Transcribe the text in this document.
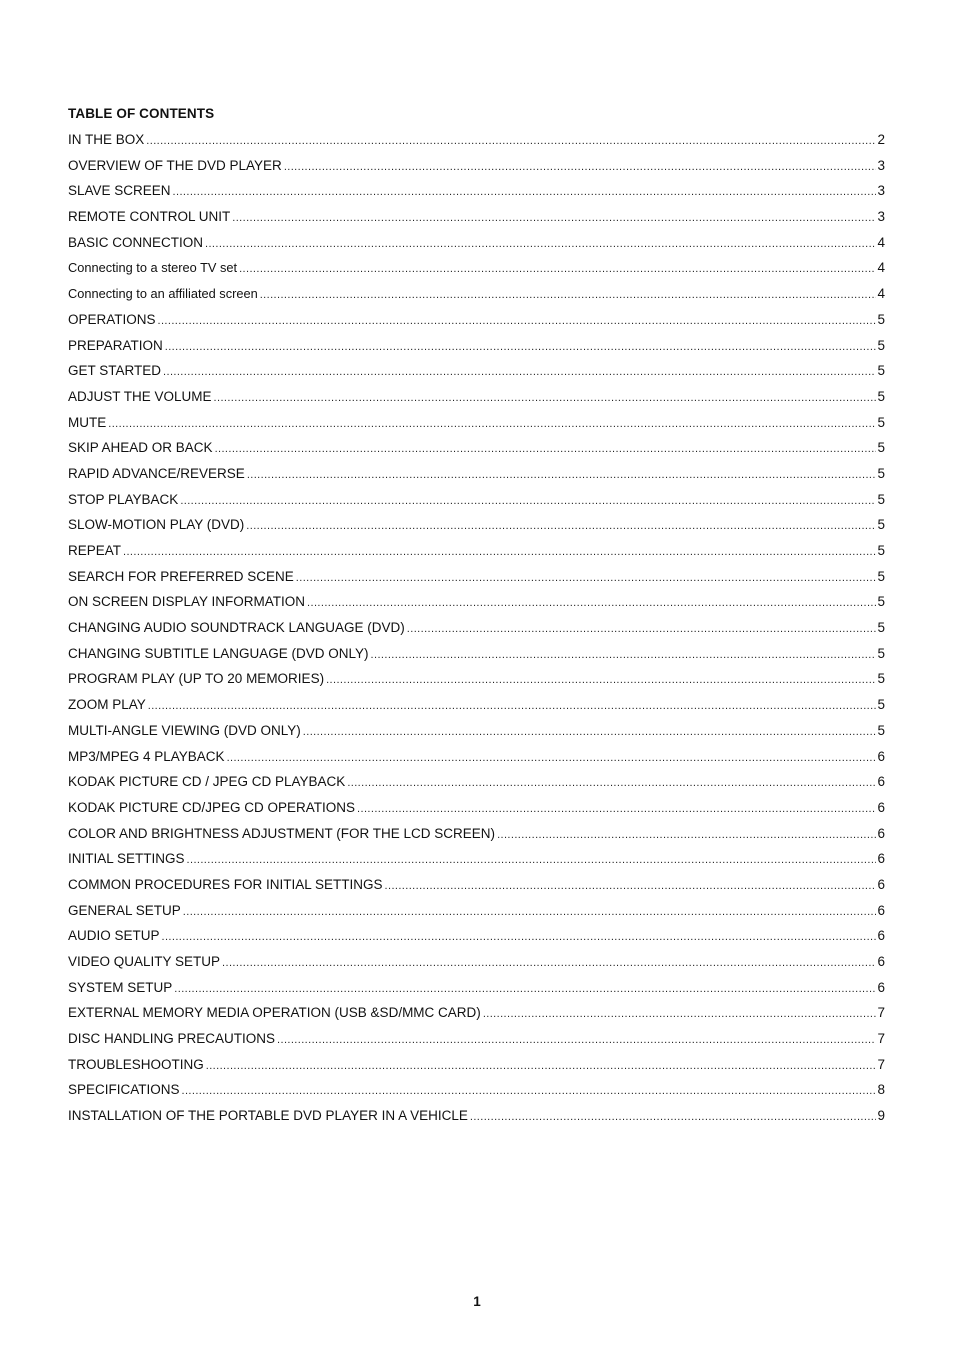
TABLE OF CONTENTS
IN THE BOX .....	2
OVERVIEW OF THE DVD PLAYER .....	3
SLAVE SCREEN .....	3
REMOTE CONTROL UNIT .....	3
BASIC CONNECTION .....	4
Connecting to a stereo TV set .....	4
Connecting to an affiliated screen .....	4
OPERATIONS .....	5
PREPARATION .....	5
GET STARTED .....	5
ADJUST THE VOLUME .....	5
MUTE .....	5
SKIP AHEAD OR BACK .....	5
RAPID ADVANCE/REVERSE .....	5
STOP PLAYBACK .....	5
SLOW-MOTION PLAY (DVD) .....	5
REPEAT .....	5
SEARCH FOR PREFERRED SCENE .....	5
ON SCREEN DISPLAY INFORMATION .....	5
CHANGING AUDIO SOUNDTRACK LANGUAGE (DVD) .....	5
CHANGING SUBTITLE LANGUAGE (DVD ONLY) .....	5
PROGRAM PLAY (UP TO 20 MEMORIES) .....	5
ZOOM PLAY .....	5
MULTI-ANGLE VIEWING (DVD ONLY) .....	5
MP3/MPEG 4 PLAYBACK .....	6
KODAK PICTURE CD / JPEG CD PLAYBACK .....	6
KODAK PICTURE CD/JPEG CD OPERATIONS .....	6
COLOR AND BRIGHTNESS ADJUSTMENT (FOR THE LCD SCREEN) .....	6
INITIAL SETTINGS .....	6
COMMON PROCEDURES FOR INITIAL SETTINGS .....	6
GENERAL SETUP .....	6
AUDIO SETUP .....	6
VIDEO QUALITY SETUP .....	6
SYSTEM SETUP .....	6
EXTERNAL MEMORY MEDIA OPERATION (USB &SD/MMC CARD) .....	7
DISC HANDLING PRECAUTIONS .....	7
TROUBLESHOOTING .....	7
SPECIFICATIONS .....	8
INSTALLATION OF THE PORTABLE DVD PLAYER IN A VEHICLE .....	9
1
